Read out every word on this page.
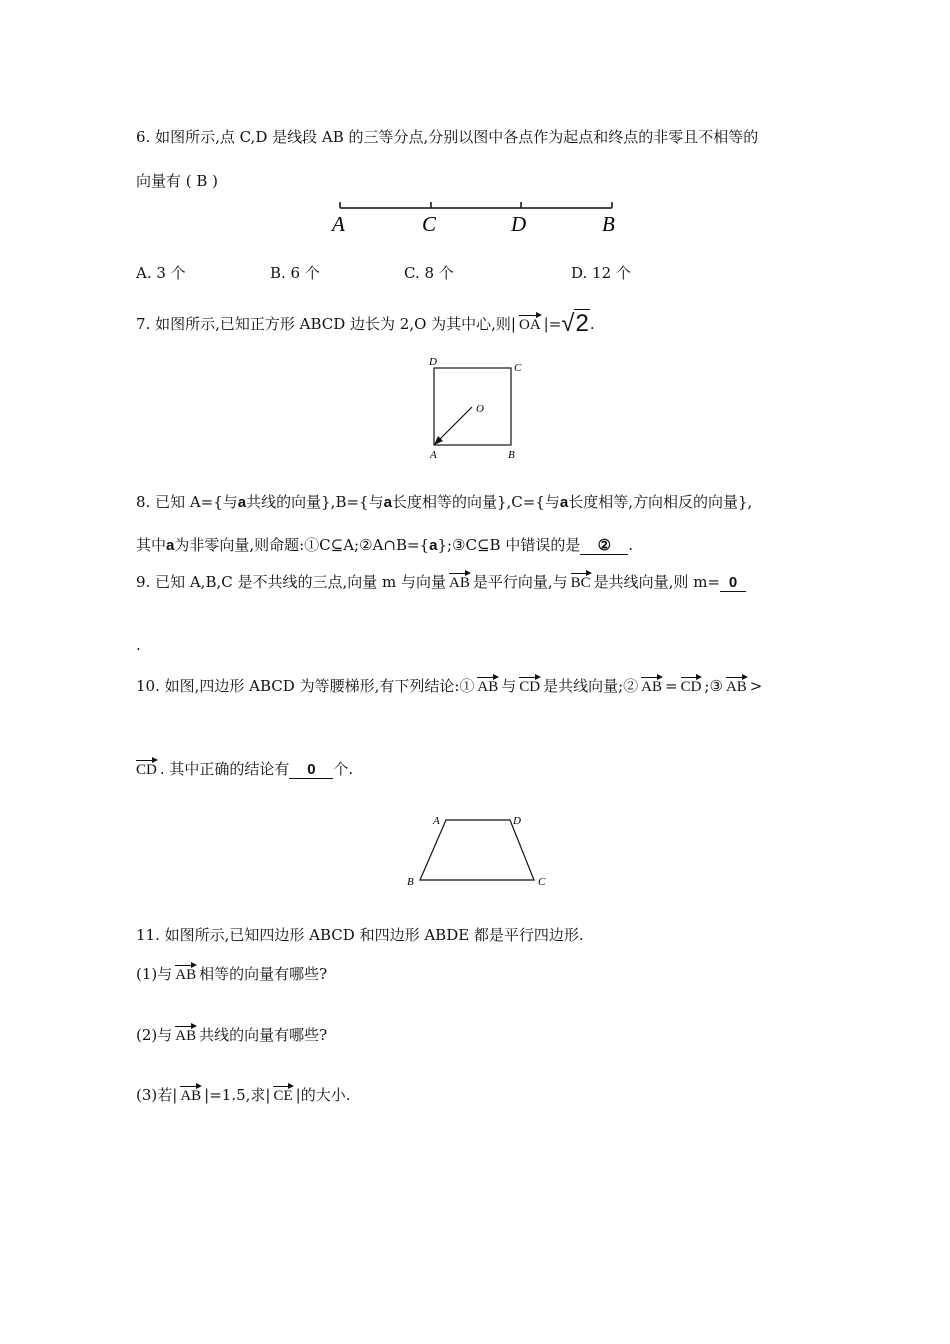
6. 如图所示,点 C,D 是线段 AB 的三等分点,分别以图中各点作为起点和终点的非零且不相等的
向量有 ( B )
A	C	D	B
A. 3 个	B. 6 个	C. 8 个	D. 12 个
7. 如图所示,已知正方形 ABCD 边长为 2,O 为其中心,则| OA |=√2.
D	C
O
A	B
8. 已知 A={与a共线的向量},B={与a长度相等的向量},C={与a长度相等,方向相反的向量},
其中a为非零向量,则命题:①C⊆A;②A∩B={a};③C⊆B 中错误的是 ② .
9. 已知 A,B,C 是不共线的三点,向量 m 与向量 AB 是平行向量,与 BC 是共线向量,则 m= 0
.
10. 如图,四边形 ABCD 为等腰梯形,有下列结论:① AB 与 CD 是共线向量;② AB = CD ;③ AB >
CD . 其中正确的结论有 0 个.
A	D
B	C
11. 如图所示,已知四边形 ABCD 和四边形 ABDE 都是平行四边形.
(1)与 AB 相等的向量有哪些?
(2)与 AB 共线的向量有哪些?
(3)若| AB |=1.5,求| CE |的大小.
